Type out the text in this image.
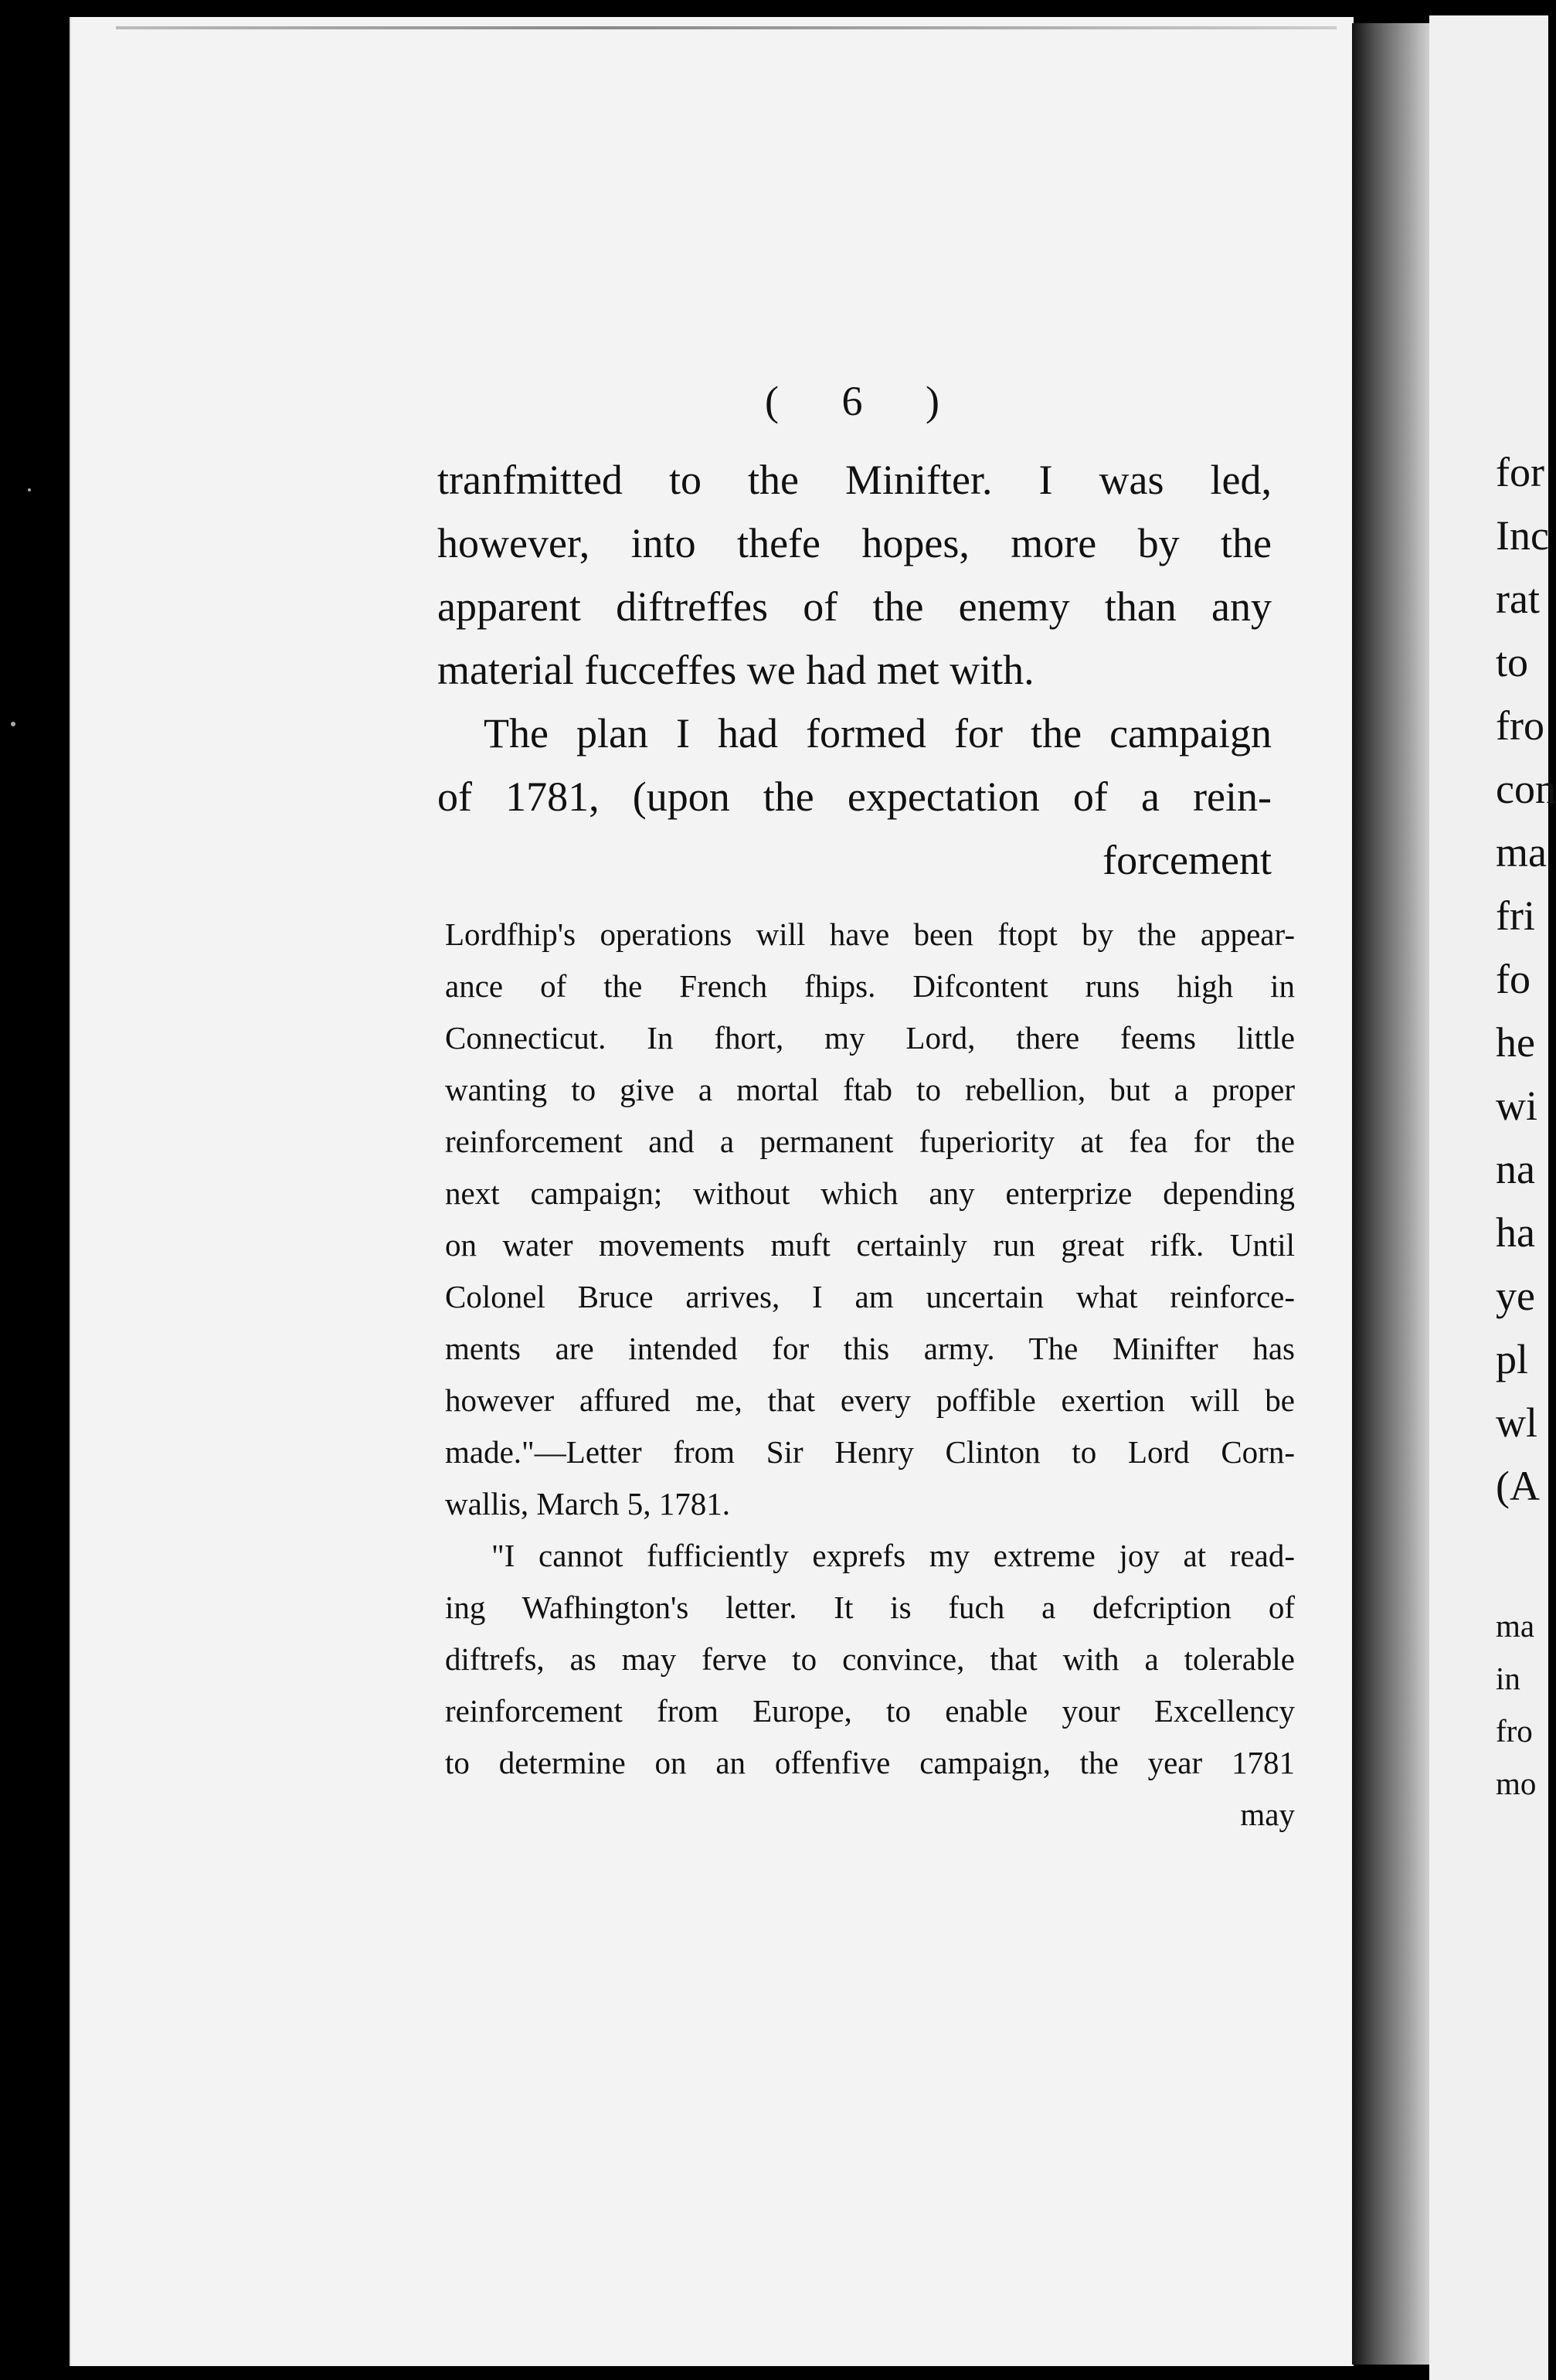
( 6 )
tranfmitted to the Minifter. I was led,
however, into thefe hopes, more by the
apparent diftreffes of the enemy than any
material fucceffes we had met with.
The plan I had formed for the campaign
of 1781, (upon the expectation of a rein-
forcement
Lordfhip's operations will have been ftopt by the appear-
ance of the French fhips. Difcontent runs high in
Connecticut. In fhort, my Lord, there feems little
wanting to give a mortal ftab to rebellion, but a proper
reinforcement and a permanent fuperiority at fea for the
next campaign; without which any enterprize depending
on water movements muft certainly run great rifk. Until
Colonel Bruce arrives, I am uncertain what reinforce-
ments are intended for this army. The Minifter has
however affured me, that every poffible exertion will be
made."—Letter from Sir Henry Clinton to Lord Corn-
wallis, March 5, 1781.
"I cannot fufficiently exprefs my extreme joy at read-
ing Wafhington's letter. It is fuch a defcription of
diftrefs, as may ferve to convince, that with a tolerable
reinforcement from Europe, to enable your Excellency
to determine on an offenfive campaign, the year 1781
may
for
Inc
rat
to
fro
con
ma
fri
fo
he
wi
na
ha
ye
pl
wl
(A
ma
in
fro
mo
